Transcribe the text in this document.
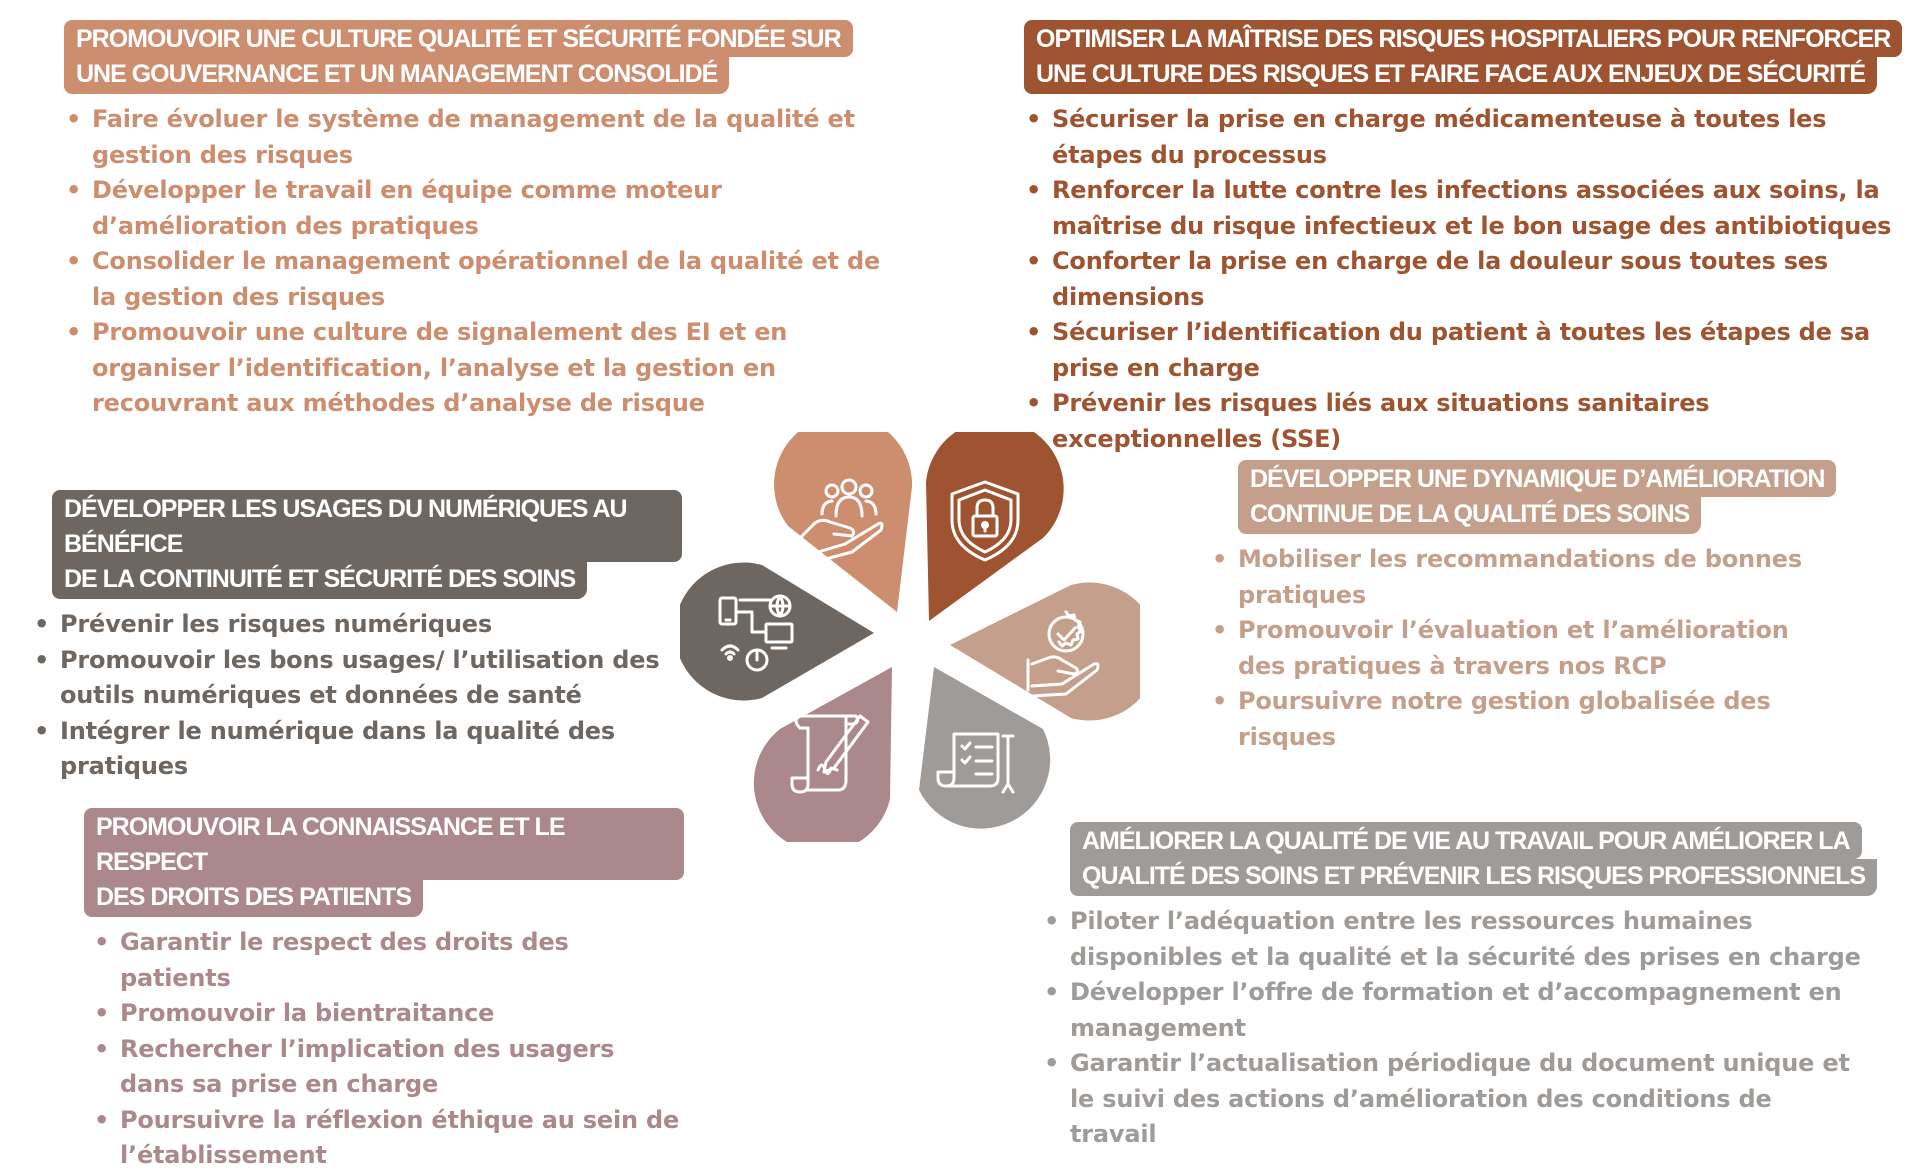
PROMOUVOIR UNE CULTURE QUALITÉ ET SÉCURITÉ FONDÉE SUR
UNE GOUVERNANCE ET UN MANAGEMENT CONSOLIDÉ
• Faire évoluer le système de management de la qualité et gestion des risques
• Développer le travail en équipe comme moteur d’amélioration des pratiques
• Consolider le management opérationnel de la qualité et de la gestion des risques
• Promouvoir une culture de signalement des EI et en organiser l’identification, l’analyse et la gestion en recouvrant aux méthodes d’analyse de risque
OPTIMISER LA MAÎTRISE DES RISQUES HOSPITALIERS POUR RENFORCER
UNE CULTURE DES RISQUES ET FAIRE FACE AUX ENJEUX DE SÉCURITÉ
• Sécuriser la prise en charge médicamenteuse à toutes les étapes du processus
• Renforcer la lutte contre les infections associées aux soins, la maîtrise du risque infectieux et le bon usage des antibiotiques
• Conforter la prise en charge de la douleur sous toutes ses dimensions
• Sécuriser l’identification du patient à toutes les étapes de sa prise en charge
• Prévenir les risques liés aux situations sanitaires exceptionnelles (SSE)
DÉVELOPPER LES USAGES DU NUMÉRIQUES AU BÉNÉFICE
DE LA CONTINUITÉ ET SÉCURITÉ DES SOINS
• Prévenir les risques numériques
• Promouvoir les bons usages/ l’utilisation des outils numériques et données de santé
• Intégrer le numérique dans la qualité des pratiques
DÉVELOPPER UNE DYNAMIQUE D’AMÉLIORATION
CONTINUE DE LA QUALITÉ DES SOINS
• Mobiliser les recommandations de bonnes pratiques
• Promouvoir l’évaluation et l’amélioration des pratiques à travers nos RCP
• Poursuivre notre gestion globalisée des risques
PROMOUVOIR LA CONNAISSANCE ET LE RESPECT
DES DROITS DES PATIENTS
• Garantir le respect des droits des patients
• Promouvoir la bientraitance
• Rechercher l’implication des usagers dans sa prise en charge
• Poursuivre la réflexion éthique au sein de l’établissement
AMÉLIORER LA QUALITÉ DE VIE AU TRAVAIL POUR AMÉLIORER LA
QUALITÉ DES SOINS ET PRÉVENIR LES RISQUES PROFESSIONNELS
• Piloter l’adéquation entre les ressources humaines disponibles et la qualité et la sécurité des prises en charge
• Développer l’offre de formation et d’accompagnement en management
• Garantir l’actualisation périodique du document unique et le suivi des actions d’amélioration des conditions de travail
